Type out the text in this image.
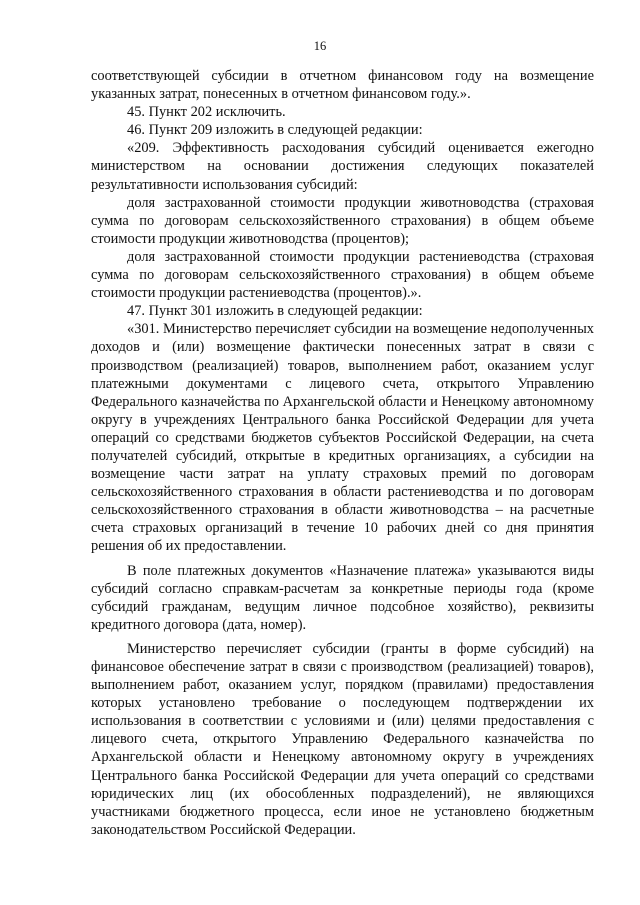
16

соответствующей субсидии в отчетном финансовом году на возмещение указанных затрат, понесенных в отчетном финансовом году.».

45. Пункт 202 исключить.

46. Пункт 209 изложить в следующей редакции:

«209. Эффективность расходования субсидий оценивается ежегодно министерством на основании достижения следующих показателей результативности использования субсидий:

доля застрахованной стоимости продукции животноводства (страховая сумма по договорам сельскохозяйственного страхования) в общем объеме стоимости продукции животноводства (процентов);

доля застрахованной стоимости продукции растениеводства (страховая сумма по договорам сельскохозяйственного страхования) в общем объеме стоимости продукции растениеводства (процентов).».

47. Пункт 301 изложить в следующей редакции:

«301. Министерство перечисляет субсидии на возмещение недополученных доходов и (или) возмещение фактически понесенных затрат в связи с производством (реализацией) товаров, выполнением работ, оказанием услуг платежными документами с лицевого счета, открытого Управлению Федерального казначейства по Архангельской области и Ненецкому автономному округу в учреждениях Центрального банка Российской Федерации для учета операций со средствами бюджетов субъектов Российской Федерации, на счета получателей субсидий, открытые в кредитных организациях, а субсидии на возмещение части затрат на уплату страховых премий по договорам сельскохозяйственного страхования в области растениеводства и по договорам сельскохозяйственного страхования в области животноводства – на расчетные счета страховых организаций в течение 10 рабочих дней со дня принятия решения об их предоставлении.

В поле платежных документов «Назначение платежа» указываются виды субсидий согласно справкам-расчетам за конкретные периоды года (кроме субсидий гражданам, ведущим личное подсобное хозяйство), реквизиты кредитного договора (дата, номер).

Министерство перечисляет субсидии (гранты в форме субсидий) на финансовое обеспечение затрат в связи с производством (реализацией) товаров), выполнением работ, оказанием услуг, порядком (правилами) предоставления которых установлено требование о последующем подтверждении их использования в соответствии с условиями и (или) целями предоставления с лицевого счета, открытого Управлению Федерального казначейства по Архангельской области и Ненецкому автономному округу в учреждениях Центрального банка Российской Федерации для учета операций со средствами юридических лиц (их обособленных подразделений), не являющихся участниками бюджетного процесса, если иное не установлено бюджетным законодательством Российской Федерации.
